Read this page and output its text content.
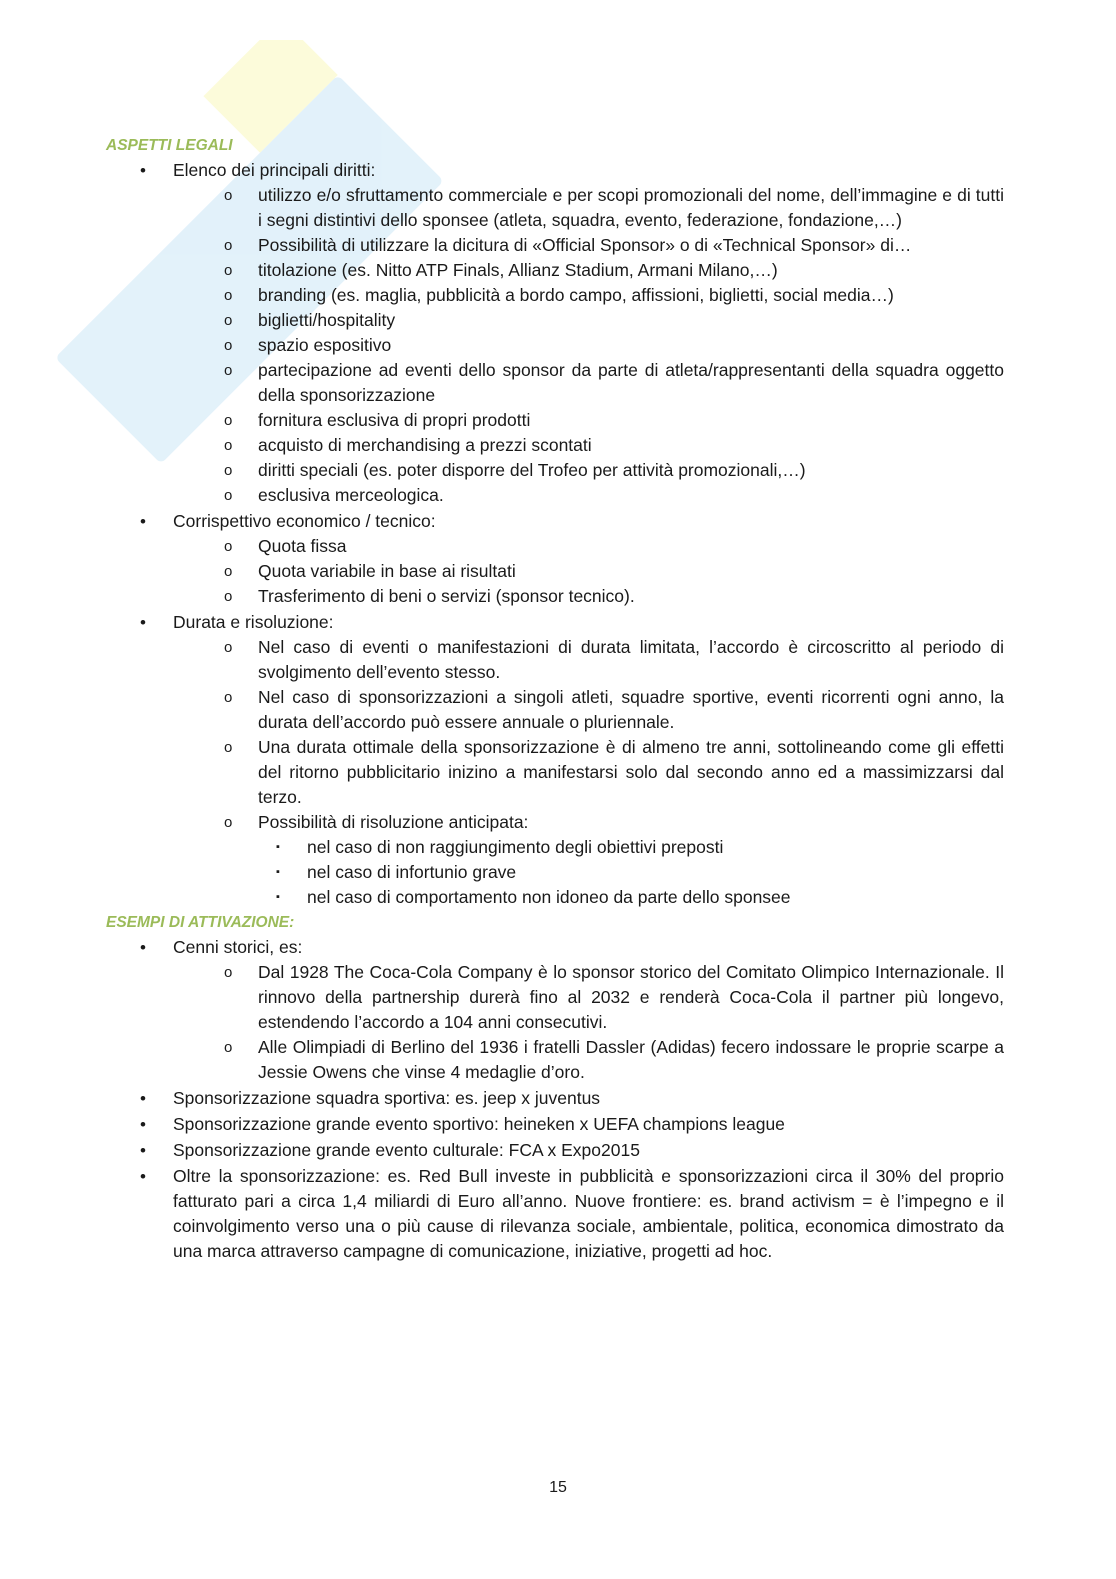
ASPETTI LEGALI

• Elenco dei principali diritti:
o utilizzo e/o sfruttamento commerciale e per scopi promozionali del nome, dell’immagine e di tutti i segni distintivi dello sponsee (atleta, squadra, evento, federazione, fondazione,…)
o Possibilità di utilizzare la dicitura di «Official Sponsor» o di «Technical Sponsor» di…
o titolazione (es. Nitto ATP Finals, Allianz Stadium, Armani Milano,…)
o branding (es. maglia, pubblicità a bordo campo, affissioni, biglietti, social media…)
o biglietti/hospitality
o spazio espositivo
o partecipazione ad eventi dello sponsor da parte di atleta/rappresentanti della squadra oggetto della sponsorizzazione
o fornitura esclusiva di propri prodotti
o acquisto di merchandising a prezzi scontati
o diritti speciali (es. poter disporre del Trofeo per attività promozionali,…)
o esclusiva merceologica.
• Corrispettivo economico / tecnico:
o Quota fissa
o Quota variabile in base ai risultati
o Trasferimento di beni o servizi (sponsor tecnico).
• Durata e risoluzione:
o Nel caso di eventi o manifestazioni di durata limitata, l’accordo è circoscritto al periodo di svolgimento dell’evento stesso.
o Nel caso di sponsorizzazioni a singoli atleti, squadre sportive, eventi ricorrenti ogni anno, la durata dell’accordo può essere annuale o pluriennale.
o Una durata ottimale della sponsorizzazione è di almeno tre anni, sottolineando come gli effetti del ritorno pubblicitario inizino a manifestarsi solo dal secondo anno ed a massimizzarsi dal terzo.
o Possibilità di risoluzione anticipata:
▪ nel caso di non raggiungimento degli obiettivi preposti
▪ nel caso di infortunio grave
▪ nel caso di comportamento non idoneo da parte dello sponsee

ESEMPI DI ATTIVAZIONE:

• Cenni storici, es:
o Dal 1928 The Coca-Cola Company è lo sponsor storico del Comitato Olimpico Internazionale. Il rinnovo della partnership durerà fino al 2032 e renderà Coca-Cola il partner più longevo, estendendo l’accordo a 104 anni consecutivi.
o Alle Olimpiadi di Berlino del 1936 i fratelli Dassler (Adidas) fecero indossare le proprie scarpe a Jessie Owens che vinse 4 medaglie d’oro.
• Sponsorizzazione squadra sportiva: es. jeep x juventus
• Sponsorizzazione grande evento sportivo: heineken x UEFA champions league
• Sponsorizzazione grande evento culturale: FCA x Expo2015
• Oltre la sponsorizzazione: es. Red Bull investe in pubblicità e sponsorizzazioni circa il 30% del proprio fatturato pari a circa 1,4 miliardi di Euro all’anno. Nuove frontiere: es. brand activism = è l’impegno e il coinvolgimento verso una o più cause di rilevanza sociale, ambientale, politica, economica dimostrato da una marca attraverso campagne di comunicazione, iniziative, progetti ad hoc.
15
